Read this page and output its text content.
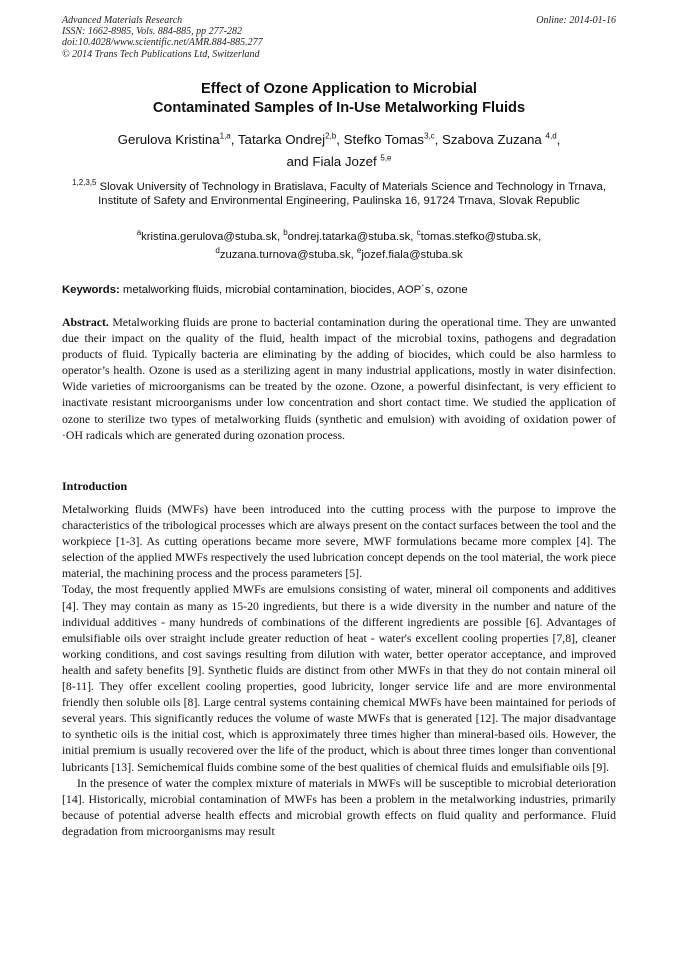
Advanced Materials Research
ISSN: 1662-8985, Vols. 884-885, pp 277-282
doi:10.4028/www.scientific.net/AMR.884-885.277
© 2014 Trans Tech Publications Ltd, Switzerland
Online: 2014-01-16
Effect of Ozone Application to Microbial
Contaminated Samples of In-Use Metalworking Fluids
Gerulova Kristina$^{1,a}$, Tatarka Ondrej$^{2,b}$, Stefko Tomas$^{3,c}$, Szabova Zuzana $^{4,d}$,
and Fiala Jozef $^{5,e}$
$^{1,2,3,5}$ Slovak University of Technology in Bratislava, Faculty of Materials Science and Technology in Trnava, Institute of Safety and Environmental Engineering, Paulinska 16, 91724 Trnava, Slovak Republic
$^a$kristina.gerulova@stuba.sk, $^b$ondrej.tatarka@stuba.sk, $^c$tomas.stefko@stuba.sk,
$^d$zuzana.turnova@stuba.sk, $^e$jozef.fiala@stuba.sk
Keywords: metalworking fluids, microbial contamination, biocides, AOP´s, ozone
Abstract. Metalworking fluids are prone to bacterial contamination during the operational time. They are unwanted due their impact on the quality of the fluid, health impact of the microbial toxins, pathogens and degradation products of fluid. Typically bacteria are eliminating by the adding of biocides, which could be also harmless to operator’s health. Ozone is used as a sterilizing agent in many industrial applications, mostly in water disinfection. Wide varieties of microorganisms can be treated by the ozone. Ozone, a powerful disinfectant, is very efficient to inactivate resistant microorganisms under low concentration and short contact time. We studied the application of ozone to sterilize two types of metalworking fluids (synthetic and emulsion) with avoiding of oxidation power of ·OH radicals which are generated during ozonation process.
Introduction

Metalworking fluids (MWFs) have been introduced into the cutting process with the purpose to improve the characteristics of the tribological processes which are always present on the contact surfaces between the tool and the workpiece [1-3]. As cutting operations became more severe, MWF formulations became more complex [4]. The selection of the applied MWFs respectively the used lubrication concept depends on the tool material, the work piece material, the machining process and the process parameters [5].

Today, the most frequently applied MWFs are emulsions consisting of water, mineral oil components and additives [4]. They may contain as many as 15-20 ingredients, but there is a wide diversity in the number and nature of the individual additives - many hundreds of combinations of the different ingredients are possible [6]. Advantages of emulsifiable oils over straight include greater reduction of heat - water's excellent cooling properties [7,8], cleaner working conditions, and cost savings resulting from dilution with water, better operator acceptance, and improved health and safety benefits [9]. Synthetic fluids are distinct from other MWFs in that they do not contain mineral oil [8-11]. They offer excellent cooling properties, good lubricity, longer service life and are more environmental friendly then soluble oils [8]. Large central systems containing chemical MWFs have been maintained for periods of several years. This significantly reduces the volume of waste MWFs that is generated [12]. The major disadvantage to synthetic oils is the initial cost, which is approximately three times higher than mineral-based oils. However, the initial premium is usually recovered over the life of the product, which is about three times longer than conventional lubricants [13]. Semichemical fluids combine some of the best qualities of chemical fluids and emulsifiable oils [9].

In the presence of water the complex mixture of materials in MWFs will be susceptible to microbial deterioration [14]. Historically, microbial contamination of MWFs has been a problem in the metalworking industries, primarily because of potential adverse health effects and microbial growth effects on fluid quality and performance. Fluid degradation from microorganisms may result
